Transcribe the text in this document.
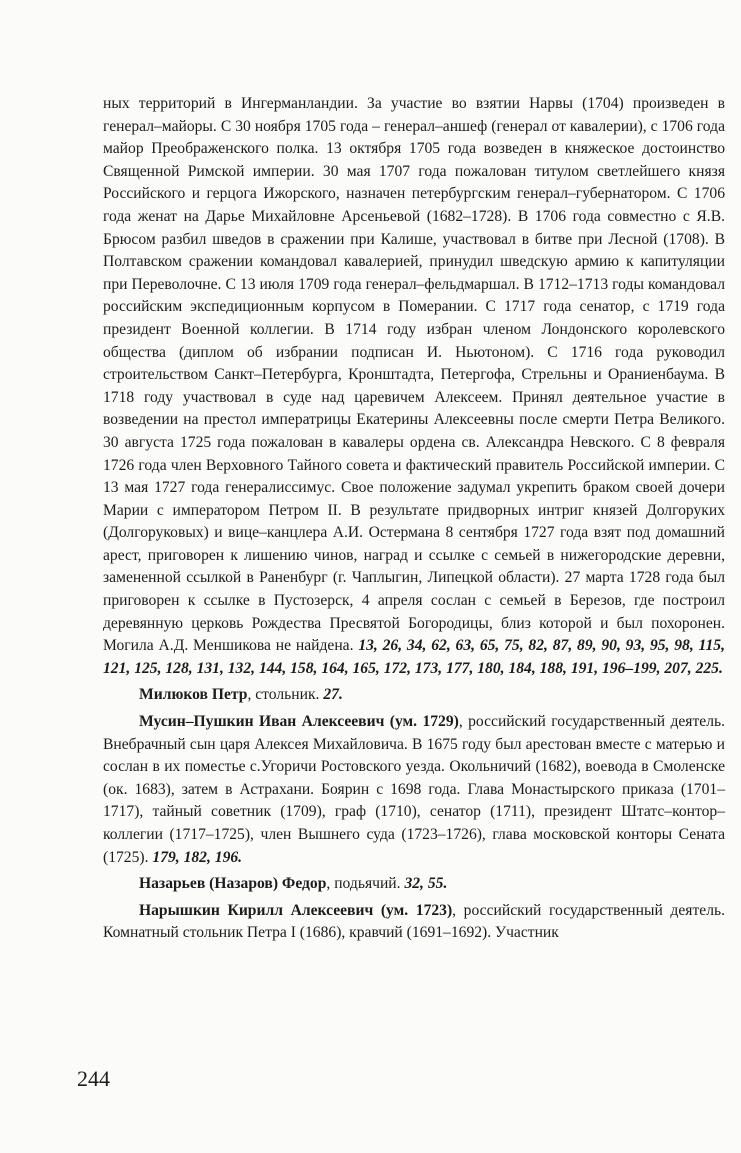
ных территорий в Ингерманландии. За участие во взятии Нарвы (1704) произведен в генерал–майоры. С 30 ноября 1705 года – генерал–аншеф (генерал от кавалерии), с 1706 года майор Преображенского полка. 13 октября 1705 года возведен в княжеское достоинство Священной Римской империи. 30 мая 1707 года пожалован титулом светлейшего князя Российского и герцога Ижорского, назначен петербургским генерал–губернатором. С 1706 года женат на Дарье Михайловне Арсеньевой (1682–1728). В 1706 года совместно с Я.В. Брюсом разбил шведов в сражении при Калише, участвовал в битве при Лесной (1708). В Полтавском сражении командовал кавалерией, принудил шведскую армию к капитуляции при Переволочне. С 13 июля 1709 года генерал–фельдмаршал. В 1712–1713 годы командовал российским экспедиционным корпусом в Померании. С 1717 года сенатор, с 1719 года президент Военной коллегии. В 1714 году избран членом Лондонского королевского общества (диплом об избрании подписан И. Ньютоном). С 1716 года руководил строительством Санкт–Петербурга, Кронштадта, Петергофа, Стрельны и Ораниенбаума. В 1718 году участвовал в суде над царевичем Алексеем. Принял деятельное участие в возведении на престол императрицы Екатерины Алексеевны после смерти Петра Великого. 30 августа 1725 года пожалован в кавалеры ордена св. Александра Невского. С 8 февраля 1726 года член Верховного Тайного совета и фактический правитель Российской империи. С 13 мая 1727 года генералиссимус. Свое положение задумал укрепить браком своей дочери Марии с императором Петром II. В результате придворных интриг князей Долгоруких (Долгоруковых) и вице–канцлера А.И. Остермана 8 сентября 1727 года взят под домашний арест, приговорен к лишению чинов, наград и ссылке с семьей в нижегородские деревни, замененной ссылкой в Раненбург (г. Чаплыгин, Липецкой области). 27 марта 1728 года был приговорен к ссылке в Пустозерск, 4 апреля сослан с семьей в Березов, где построил деревянную церковь Рождества Пресвятой Богородицы, близ которой и был похоронен. Могила А.Д. Меншикова не найдена. 13, 26, 34, 62, 63, 65, 75, 82, 87, 89, 90, 93, 95, 98, 115, 121, 125, 128, 131, 132, 144, 158, 164, 165, 172, 173, 177, 180, 184, 188, 191, 196–199, 207, 225.

Милюков Петр, стольник. 27.

Мусин–Пушкин Иван Алексеевич (ум. 1729), российский государственный деятель. Внебрачный сын царя Алексея Михайловича. В 1675 году был арестован вместе с матерью и сослан в их поместье с.Угоричи Ростовского уезда. Окольничий (1682), воевода в Смоленске (ок. 1683), затем в Астрахани. Боярин с 1698 года. Глава Монастырского приказа (1701–1717), тайный советник (1709), граф (1710), сенатор (1711), президент Штатс–контор–коллегии (1717–1725), член Вышнего суда (1723–1726), глава московской конторы Сената (1725). 179, 182, 196.

Назарьев (Назаров) Федор, подьячий. 32, 55.

Нарышкин Кирилл Алексеевич (ум. 1723), российский государственный деятель. Комнатный стольник Петра I (1686), кравчий (1691–1692). Участник

244
